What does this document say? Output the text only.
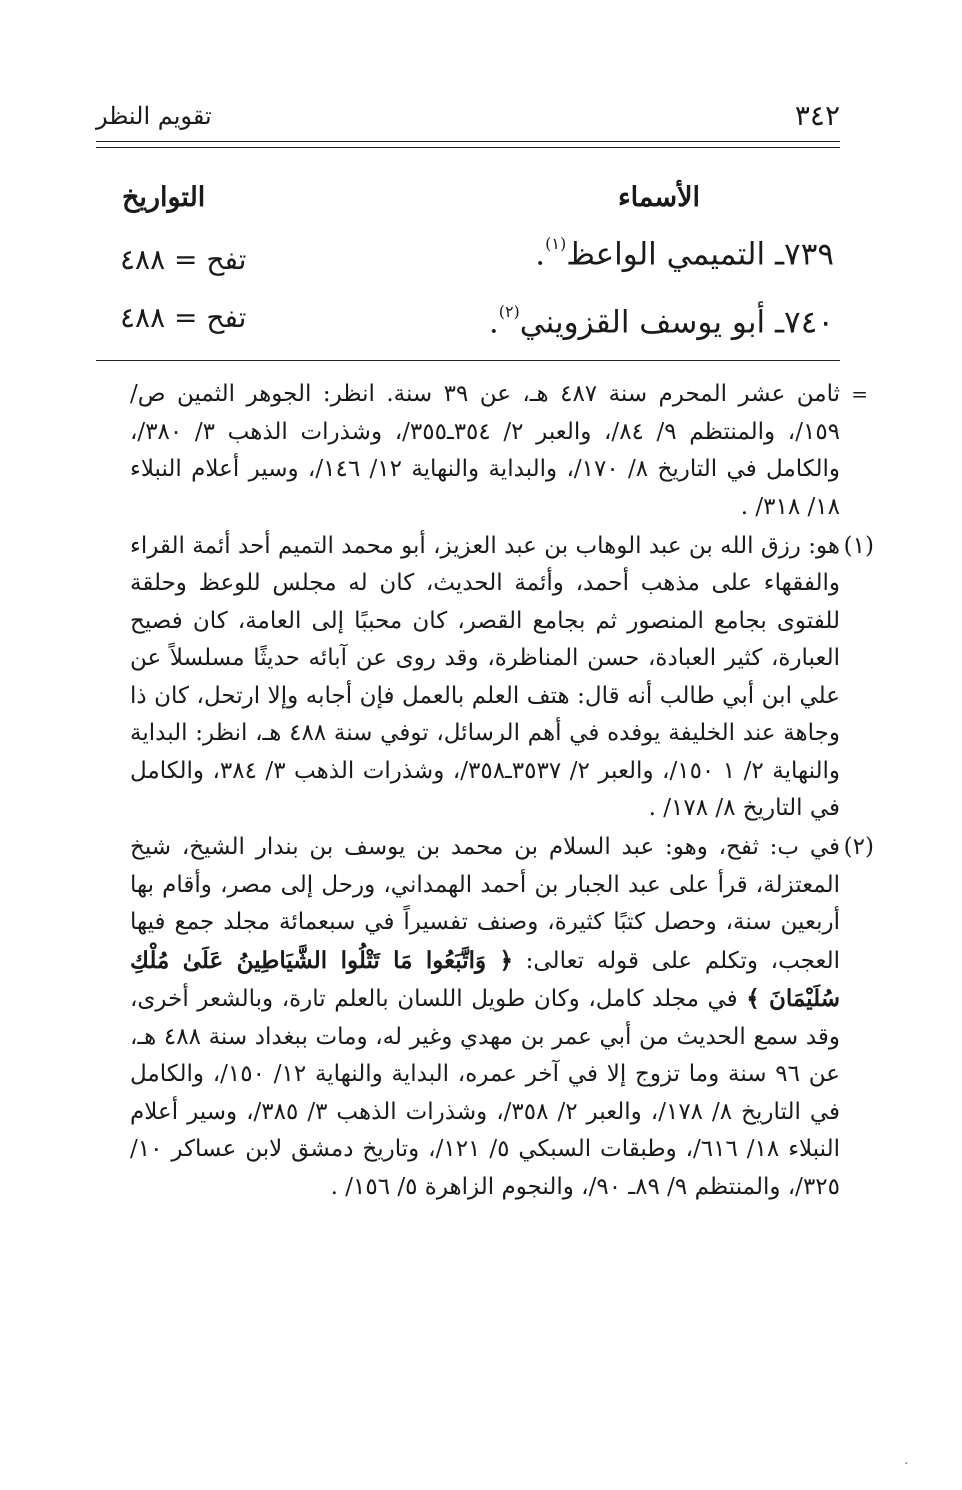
٣٤٢
تقويم النظر
الأسماء
التواريخ
٧٣٩ـ التميمي الواعظ$^{(١)}$.
تفح = ٤٨٨
٧٤٠ـ أبو يوسف القزويني$^{(٢)}$.
تفح = ٤٨٨
=
ثامن عشر المحرم سنة ٤٨٧ هـ، عن ٣٩ سنة. انظر: الجوهر الثمين ص/ ١٥٩/، والمنتظم ٩/ ٨٤/، والعبر ٢/ ٣٥٤ـ٣٥٥/، وشذرات الذهب ٣/ ٣٨٠/، والكامل في التاريخ ٨/ ١٧٠/، والبداية والنهاية ١٢/ ١٤٦/، وسير أعلام النبلاء ١٨/ ٣١٨/ .
(١)
هو: رزق الله بن عبد الوهاب بن عبد العزيز، أبو محمد التميم أحد أئمة القراء والفقهاء على مذهب أحمد، وأئمة الحديث، كان له مجلس للوعظ وحلقة للفتوى بجامع المنصور ثم بجامع القصر، كان محببًا إلى العامة، كان فصيح العبارة، كثير العبادة، حسن المناظرة، وقد روى عن آبائه حديثًا مسلسلاً عن علي ابن أبي طالب أنه قال: هتف العلم بالعمل فإن أجابه وإلا ارتحل، كان ذا وجاهة عند الخليفة يوفده في أهم الرسائل، توفي سنة ٤٨٨ هـ، انظر: البداية والنهاية ٢/ ١ ١٥٠/، والعبر ٢/ ٣٥٣٧ـ٣٥٨/، وشذرات الذهب ٣/ ٣٨٤، والكامل في التاريخ ٨/ ١٧٨/ .
(٢)
في ب: ثفح، وهو: عبد السلام بن محمد بن يوسف بن بندار الشيخ، شيخ المعتزلة، قرأ على عبد الجبار بن أحمد الهمداني، ورحل إلى مصر، وأقام بها أربعين سنة، وحصل كتبًا كثيرة، وصنف تفسيراً في سبعمائة مجلد جمع فيها العجب، وتكلم على قوله تعالى: ﴿ وَاتَّبَعُوا مَا تَتْلُوا الشَّيَاطِينُ عَلَىٰ مُلْكِ سُلَيْمَانَ ﴾ في مجلد كامل، وكان طويل اللسان بالعلم تارة، وبالشعر أخرى، وقد سمع الحديث من أبي عمر بن مهدي وغير له، ومات ببغداد سنة ٤٨٨ هـ، عن ٩٦ سنة وما تزوج إلا في آخر عمره، البداية والنهاية ١٢/ ١٥٠/، والكامل في التاريخ ٨/ ١٧٨/، والعبر ٢/ ٣٥٨/، وشذرات الذهب ٣/ ٣٨٥/، وسير أعلام النبلاء ١٨/ ٦١٦/، وطبقات السبكي ٥/ ١٢١/، وتاريخ دمشق لابن عساكر ١٠/ ٣٢٥/، والمنتظم ٩/ ٨٩ـ ٩٠/، والنجوم الزاهرة ٥/ ١٥٦/ .
.
